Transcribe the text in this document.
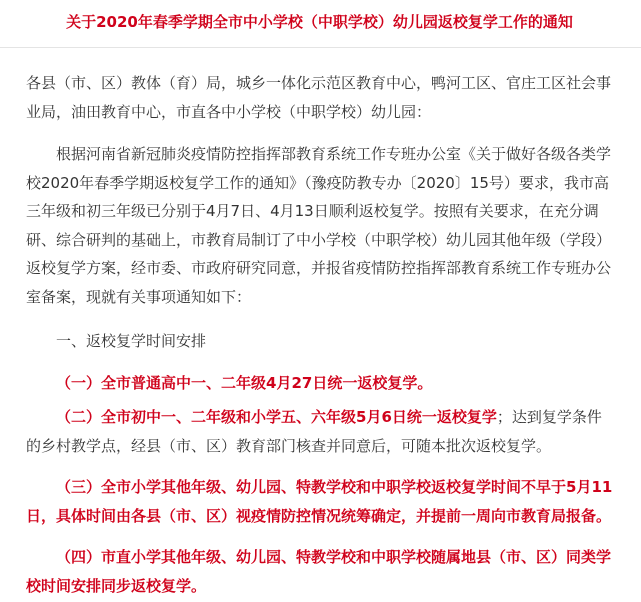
关于2020年春季学期全市中小学校（中职学校）幼儿园返校复学工作的通知

各县（市、区）教体（育）局，城乡一体化示范区教育中心，鸭河工区、官庄工区社会事业局，油田教育中心，市直各中小学校（中职学校）幼儿园：

根据河南省新冠肺炎疫情防控指挥部教育系统工作专班办公室《关于做好各级各类学校2020年春季学期返校复学工作的通知》（豫疫防教专办〔2020〕15号）要求，我市高三年级和初三年级已分别于4月7日、4月13日顺利返校复学。按照有关要求，在充分调研、综合研判的基础上，市教育局制订了中小学校（中职学校）幼儿园其他年级（学段）返校复学方案，经市委、市政府研究同意，并报省疫情防控指挥部教育系统工作专班办公室备案，现就有关事项通知如下：

一、返校复学时间安排

（一）全市普通高中一、二年级4月27日统一返校复学。

（二）全市初中一、二年级和小学五、六年级5月6日统一返校复学；达到复学条件的乡村教学点，经县（市、区）教育部门核查并同意后，可随本批次返校复学。

（三）全市小学其他年级、幼儿园、特教学校和中职学校返校复学时间不早于5月11日，具体时间由各县（市、区）视疫情防控情况统筹确定，并提前一周向市教育局报备。

（四）市直小学其他年级、幼儿园、特教学校和中职学校随属地县（市、区）同类学校时间安排同步返校复学。
